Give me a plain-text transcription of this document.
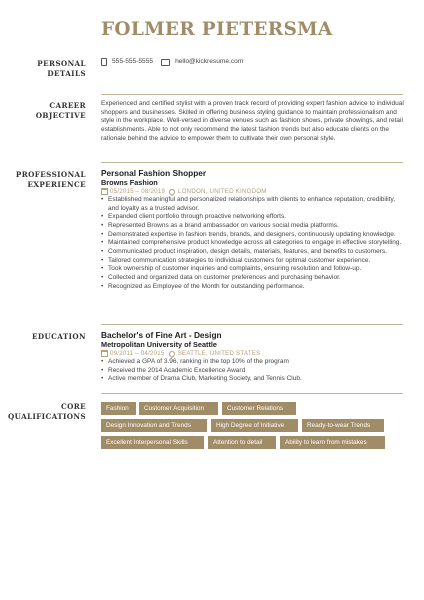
FOLMER PIETERSMA
PERSONAL
DETAILS
555-555-5555	hello@kickresume.com
CAREER
OBJECTIVE
Experienced and certified stylist with a proven track record of providing expert fashion advice to individual shoppers and businesses. Skilled in offering business styling guidance to maintain professionalism and style in the workplace. Well-versed in diverse venues such as fashion shows, private showings, and retail establishments. Able to not only recommend the latest fashion trends but also educate clients on the rationale behind the advice to empower them to cultivate their own personal style.
PROFESSIONAL
EXPERIENCE
Personal Fashion Shopper
Browns Fashion
05/2015 – 08/2019 LONDON, UNITED KINGDOM
• Established meaningful and personalized relationships with clients to enhance reputation, credibility, and loyalty as a trusted advisor.
• Expanded client portfolio through proactive networking efforts.
• Represented Browns as a brand ambassador on various social media platforms.
• Demonstrated expertise in fashion trends, brands, and designers, continuously updating knowledge.
• Maintained comprehensive product knowledge across all categories to engage in effective storytelling.
• Communicated product inspiration, design details, materials, features, and benefits to customers.
• Tailored communication strategies to individual customers for optimal customer experience.
• Took ownership of customer inquiries and complaints, ensuring resolution and follow-up.
• Collected and organized data on customer preferences and purchasing behavior.
• Recognized as Employee of the Month for outstanding performance.
EDUCATION Bachelor's of Fine Art - Design
Metropolitan University of Seattle
09/2011 – 04/2015 SEATTLE, UNITED STATES
• Achieved a GPA of 3.96, ranking in the top 10% of the program
• Received the 2014 Academic Excellence Award
• Active member of Drama Club, Marketing Society, and Tennis Club.
CORE
QUALIFICATIONS
Fashion	Customer Acquisition	Customer Relations
Design Innovation and Trends	High Degree of Initiative	Ready-to-wear Trends
Excellent Interpersonal Skills	Attention to detail	Ability to learn from mistakes
